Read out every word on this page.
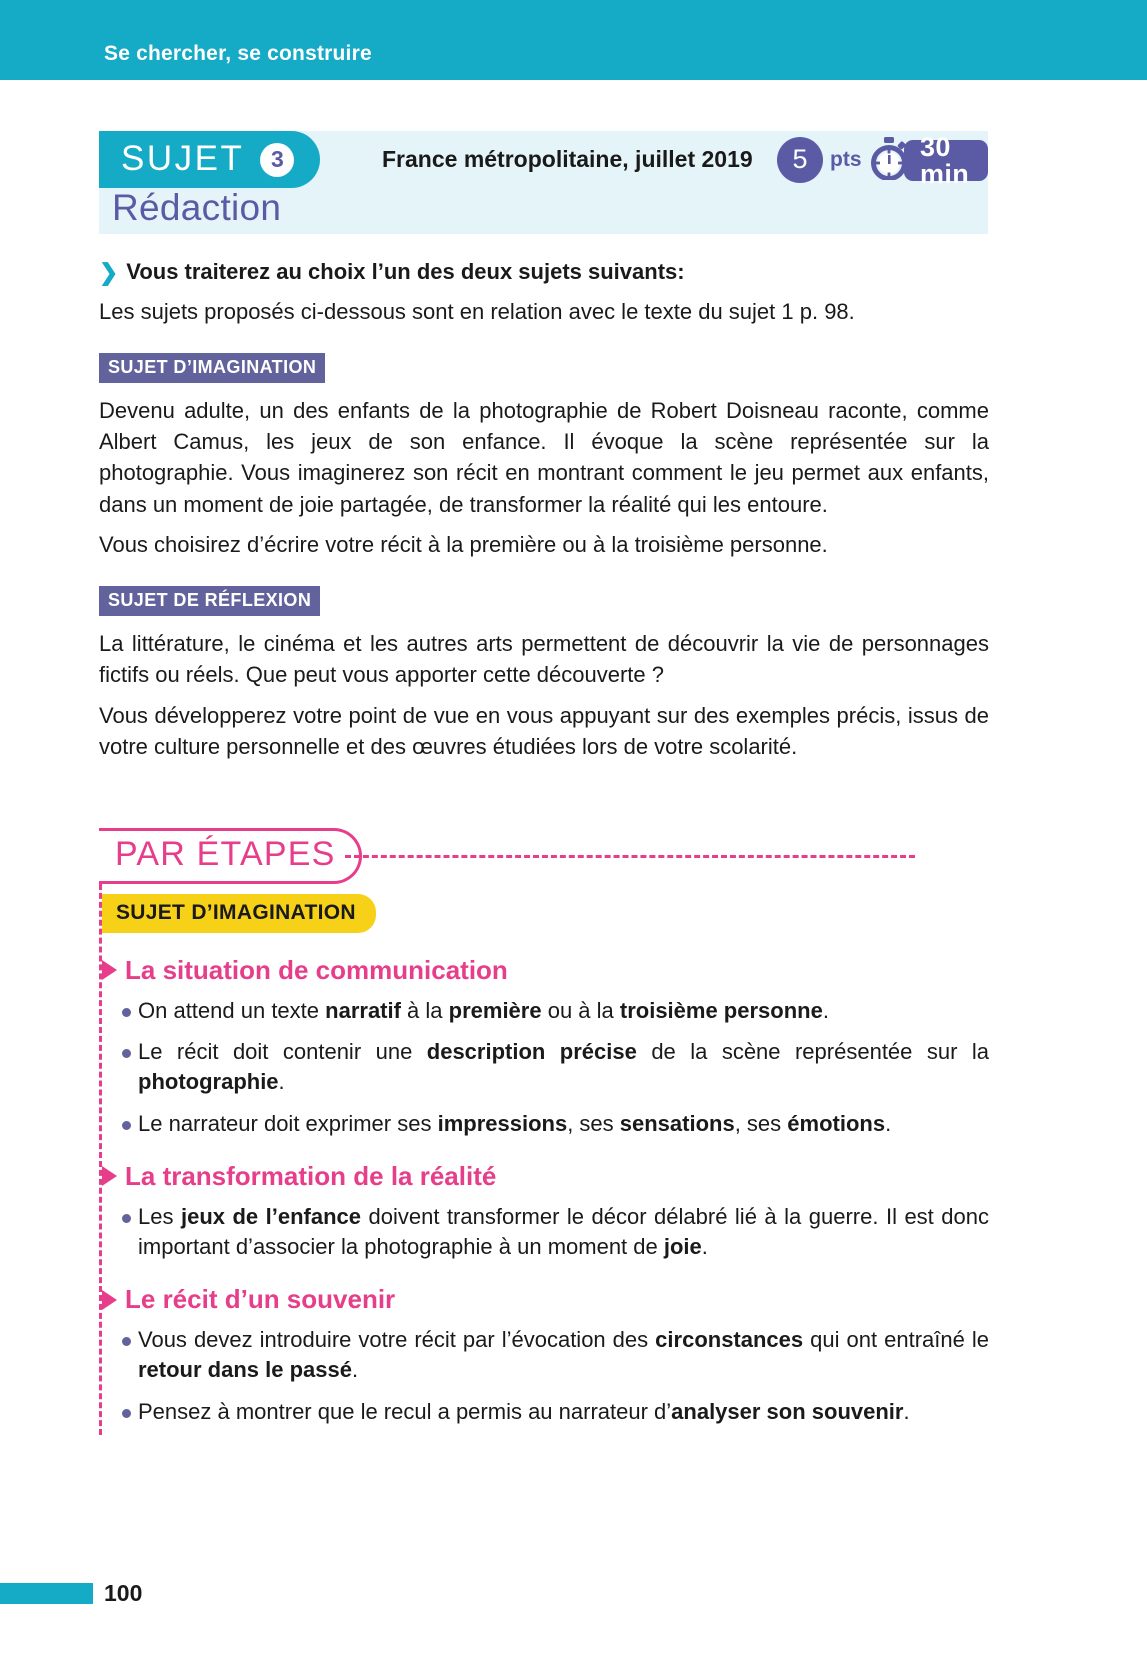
Se chercher, se construire
SUJET	3	France métropolitaine, juillet 2019
Rédaction
5	pts	30 min
❯ Vous traiterez au choix l’un des deux sujets suivants:

Les sujets proposés ci-dessous sont en relation avec le texte du sujet 1 p. 98.

SUJET D’IMAGINATION

Devenu adulte, un des enfants de la photographie de Robert Doisneau raconte, comme Albert Camus, les jeux de son enfance. Il évoque la scène représentée sur la photographie. Vous imaginerez son récit en montrant comment le jeu permet aux enfants, dans un moment de joie partagée, de transformer la réalité qui les entoure.

Vous choisirez d’écrire votre récit à la première ou à la troisième personne.

SUJET DE RÉFLEXION

La littérature, le cinéma et les autres arts permettent de découvrir la vie de personnages fictifs ou réels. Que peut vous apporter cette découverte ?

Vous développerez votre point de vue en vous appuyant sur des exemples précis, issus de votre culture personnelle et des œuvres étudiées lors de votre scolarité.

PAR ÉTAPES
SUJET D’IMAGINATION
La situation de communication
On attend un texte narratif à la première ou à la troisième personne.
Le récit doit contenir une description précise de la scène représentée sur la photographie.
Le narrateur doit exprimer ses impressions, ses sensations, ses émotions.
La transformation de la réalité
Les jeux de l’enfance doivent transformer le décor délabré lié à la guerre. Il est donc important d’associer la photographie à un moment de joie.
Le récit d’un souvenir
Vous devez introduire votre récit par l’évocation des circonstances qui ont entraîné le retour dans le passé.
Pensez à montrer que le recul a permis au narrateur d’analyser son souvenir.
100
